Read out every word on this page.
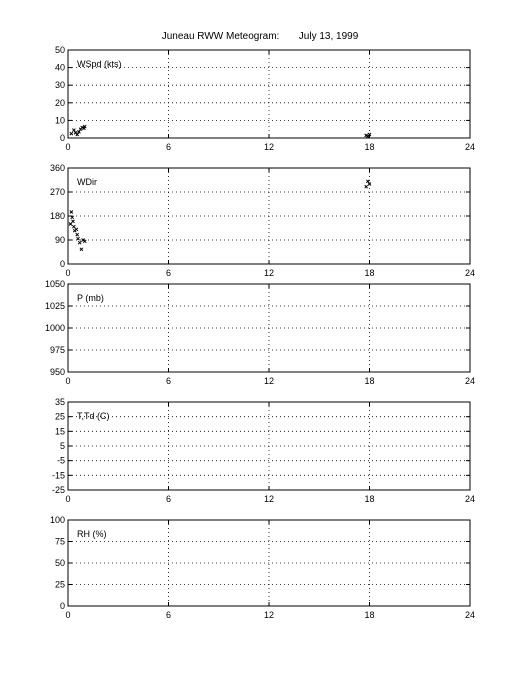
Juneau RWW Meteogram:       July 13, 1999
0	6	12	18	24
0
10
20
30
40
50
WSpd (kts)
0	6	12	18	24
0
90
180
270
360
WDir
0	6	12	18	24
950
975
1000
1025
1050
P (mb)
0	6	12	18	24
-25
-15
-5
5
15
25
35
T,Td (C)
0	6	12	18	24
0
25
50
75
100
RH (%)
